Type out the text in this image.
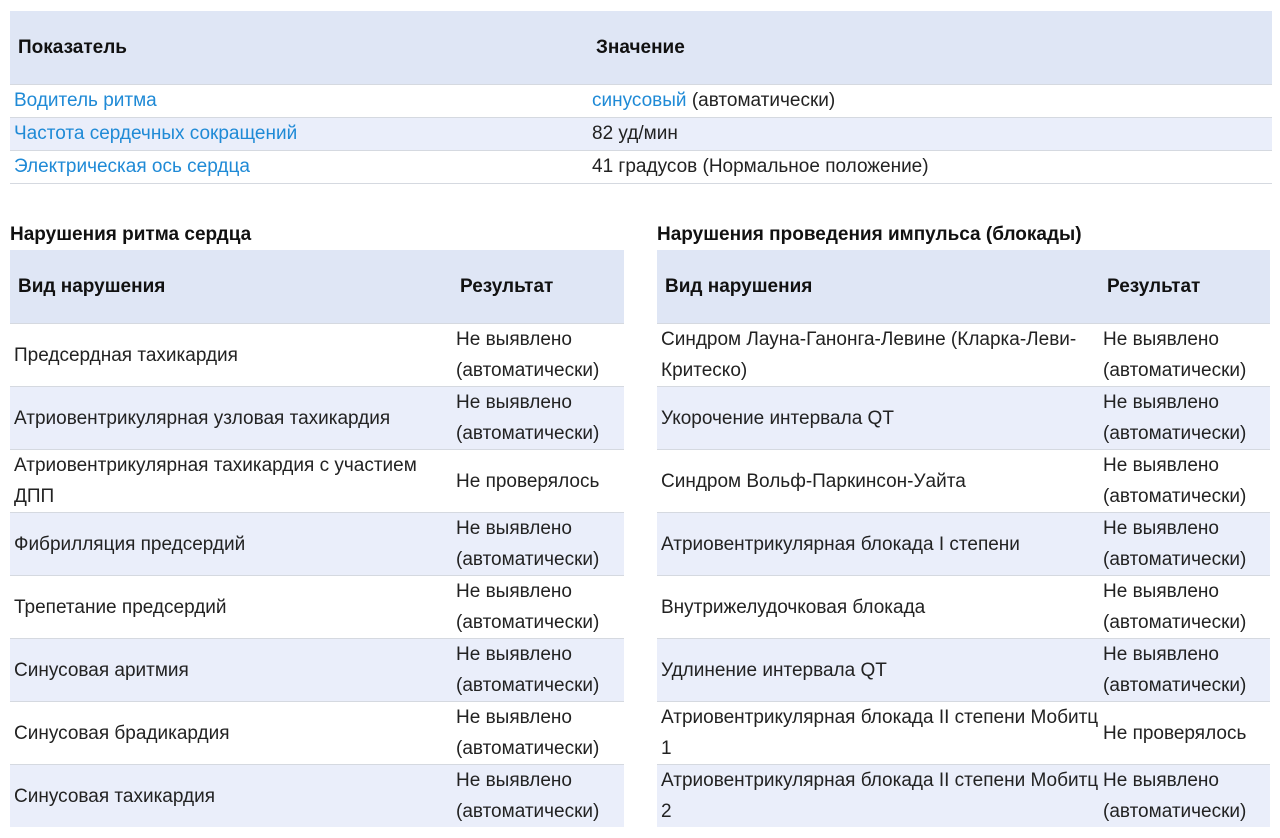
Показатель	Значение
Водитель ритма	синусовый (автоматически)
Частота сердечных сокращений	82 уд/мин
Электрическая ось сердца	41 градусов (Нормальное положение)
Нарушения ритма сердца	Нарушения проведения импульса (блокады)
Вид нарушения	Результат
Предсердная тахикардия	Не выявлено
(автоматически)
Атриовентрикулярная узловая тахикардия	Не выявлено
(автоматически)
Атриовентрикулярная тахикардия с участием ДПП	Не проверялось
Фибрилляция предсердий	Не выявлено
(автоматически)
Трепетание предсердий	Не выявлено
(автоматически)
Синусовая аритмия	Не выявлено
(автоматически)
Синусовая брадикардия	Не выявлено
(автоматически)
Синусовая тахикардия	Не выявлено
(автоматически)
Вид нарушения	Результат
Синдром Лауна-Ганонга-Левине (Кларка-Леви-Критеско)	Не выявлено
(автоматически)
Укорочение интервала QT	Не выявлено
(автоматически)
Синдром Вольф-Паркинсон-Уайта	Не выявлено
(автоматически)
Атриовентрикулярная блокада I степени	Не выявлено
(автоматически)
Внутрижелудочковая блокада	Не выявлено
(автоматически)
Удлинение интервала QT	Не выявлено
(автоматически)
Атриовентрикулярная блокада II степени Мобитц 1	Не проверялось
Атриовентрикулярная блокада II степени Мобитц 2	Не выявлено
(автоматически)
